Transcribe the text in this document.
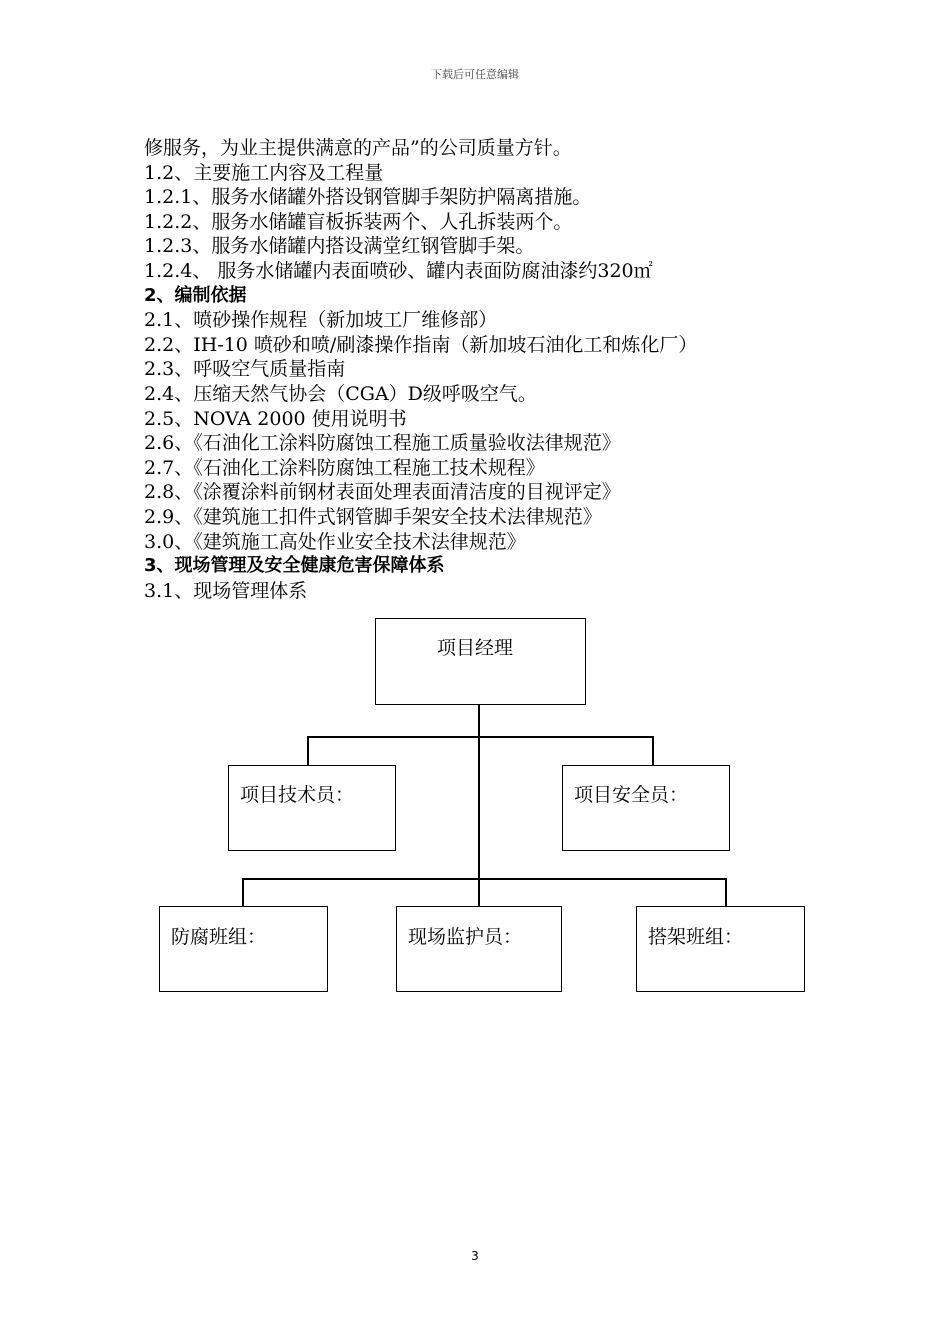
下载后可任意编辑
修服务，为业主提供满意的产品”的公司质量方针。
1.2、主要施工内容及工程量
1.2.1、服务水储罐外搭设钢管脚手架防护隔离措施。
1.2.2、服务水储罐盲板拆装两个、人孔拆装两个。
1.2.3、服务水储罐内搭设满堂红钢管脚手架。
1.2.4、 服务水储罐内表面喷砂、罐内表面防腐油漆约320㎡
2、编制依据
2.1、喷砂操作规程（新加坡工厂维修部）
2.2、IH-10 喷砂和喷/刷漆操作指南（新加坡石油化工和炼化厂）
2.3、呼吸空气质量指南
2.4、压缩天然气协会（CGA）D级呼吸空气。
2.5、NOVA 2000 使用说明书
2.6、《石油化工涂料防腐蚀工程施工质量验收法律规范》
2.7、《石油化工涂料防腐蚀工程施工技术规程》
2.8、《涂覆涂料前钢材表面处理表面清洁度的目视评定》
2.9、《建筑施工扣件式钢管脚手架安全技术法律规范》
3.0、《建筑施工高处作业安全技术法律规范》
3、现场管理及安全健康危害保障体系
3.1、现场管理体系
项目经理
项目技术员：	项目安全员：
防腐班组：	现场监护员：	搭架班组：
3
